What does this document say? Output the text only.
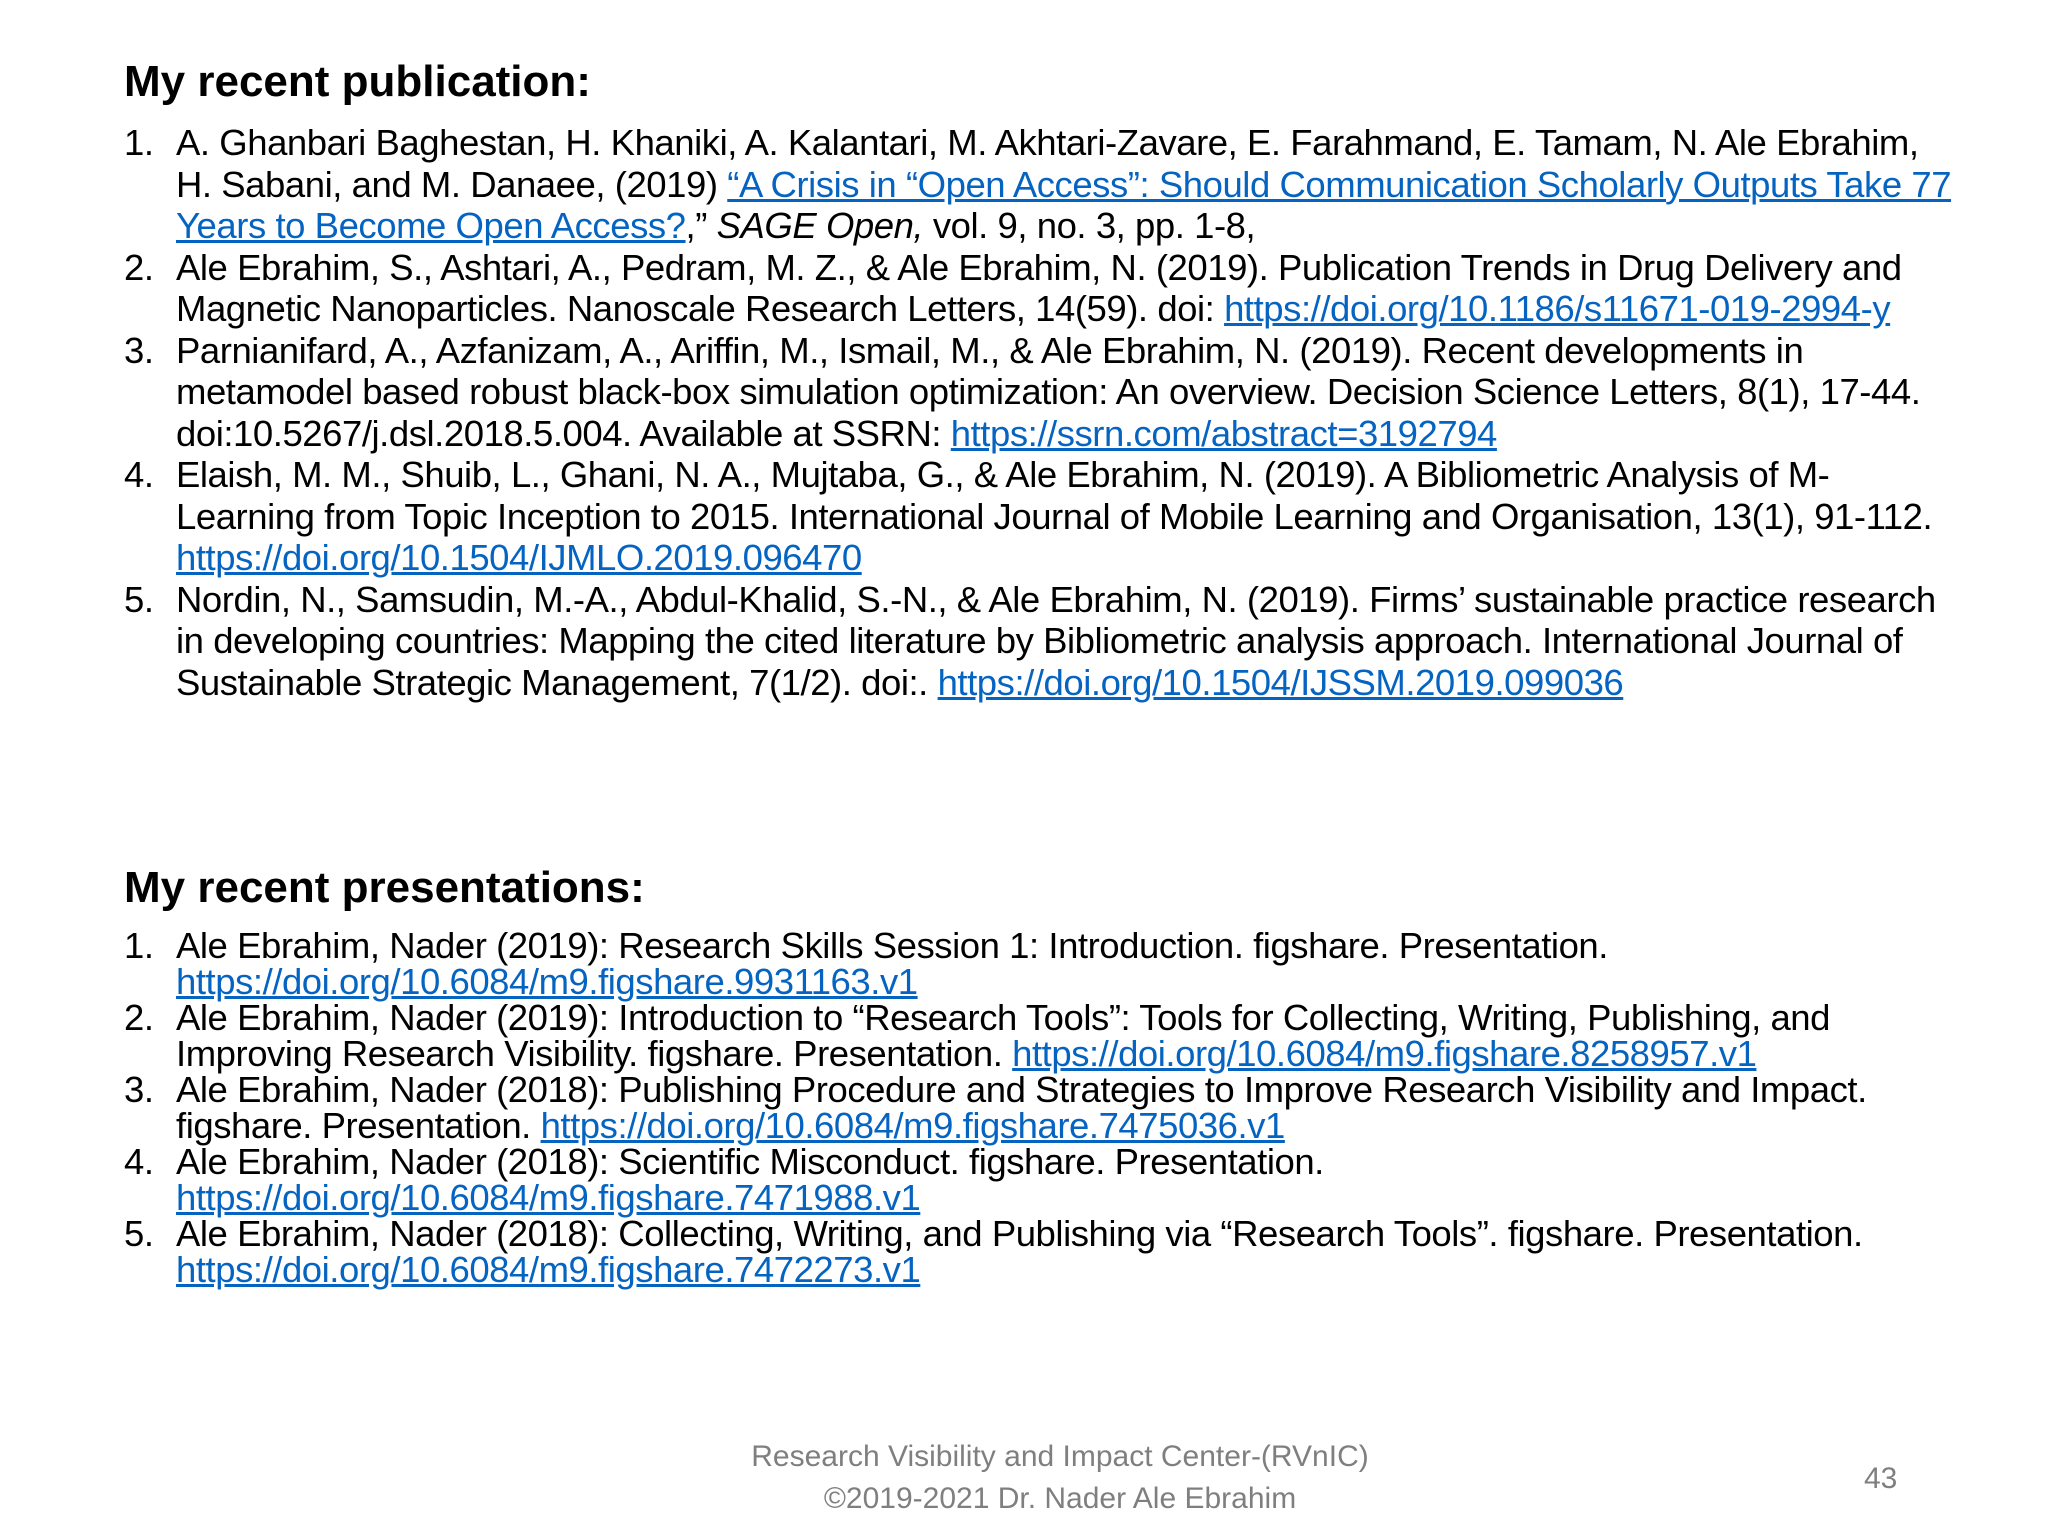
My recent publication:
1. A. Ghanbari Baghestan, H. Khaniki, A. Kalantari, M. Akhtari-Zavare, E. Farahmand, E. Tamam, N. Ale Ebrahim, H. Sabani, and M. Danaee, (2019) “A Crisis in “Open Access”: Should Communication Scholarly Outputs Take 77 Years to Become Open Access?,” SAGE Open, vol. 9, no. 3, pp. 1-8,
2. Ale Ebrahim, S., Ashtari, A., Pedram, M. Z., & Ale Ebrahim, N. (2019). Publication Trends in Drug Delivery and Magnetic Nanoparticles. Nanoscale Research Letters, 14(59). doi: https://doi.org/10.1186/s11671-019-2994-y
3. Parnianifard, A., Azfanizam, A., Ariffin, M., Ismail, M., & Ale Ebrahim, N. (2019). Recent developments in metamodel based robust black-box simulation optimization: An overview. Decision Science Letters, 8(1), 17-44. doi:10.5267/j.dsl.2018.5.004. Available at SSRN: https://ssrn.com/abstract=3192794
4. Elaish, M. M., Shuib, L., Ghani, N. A., Mujtaba, G., & Ale Ebrahim, N. (2019). A Bibliometric Analysis of M-Learning from Topic Inception to 2015. International Journal of Mobile Learning and Organisation, 13(1), 91-112. https://doi.org/10.1504/IJMLO.2019.096470
5. Nordin, N., Samsudin, M.-A., Abdul-Khalid, S.-N., & Ale Ebrahim, N. (2019). Firms’ sustainable practice research in developing countries: Mapping the cited literature by Bibliometric analysis approach. International Journal of Sustainable Strategic Management, 7(1/2). doi:. https://doi.org/10.1504/IJSSM.2019.099036
My recent presentations:
1. Ale Ebrahim, Nader (2019): Research Skills Session 1: Introduction. figshare. Presentation. https://doi.org/10.6084/m9.figshare.9931163.v1
2. Ale Ebrahim, Nader (2019): Introduction to “Research Tools”: Tools for Collecting, Writing, Publishing, and Improving Research Visibility. figshare. Presentation. https://doi.org/10.6084/m9.figshare.8258957.v1
3. Ale Ebrahim, Nader (2018): Publishing Procedure and Strategies to Improve Research Visibility and Impact. figshare. Presentation. https://doi.org/10.6084/m9.figshare.7475036.v1
4. Ale Ebrahim, Nader (2018): Scientific Misconduct. figshare. Presentation. https://doi.org/10.6084/m9.figshare.7471988.v1
5. Ale Ebrahim, Nader (2018): Collecting, Writing, and Publishing via “Research Tools”. figshare. Presentation. https://doi.org/10.6084/m9.figshare.7472273.v1
Research Visibility and Impact Center-(RVnIC)
©2019-2021 Dr. Nader Ale Ebrahim
43
